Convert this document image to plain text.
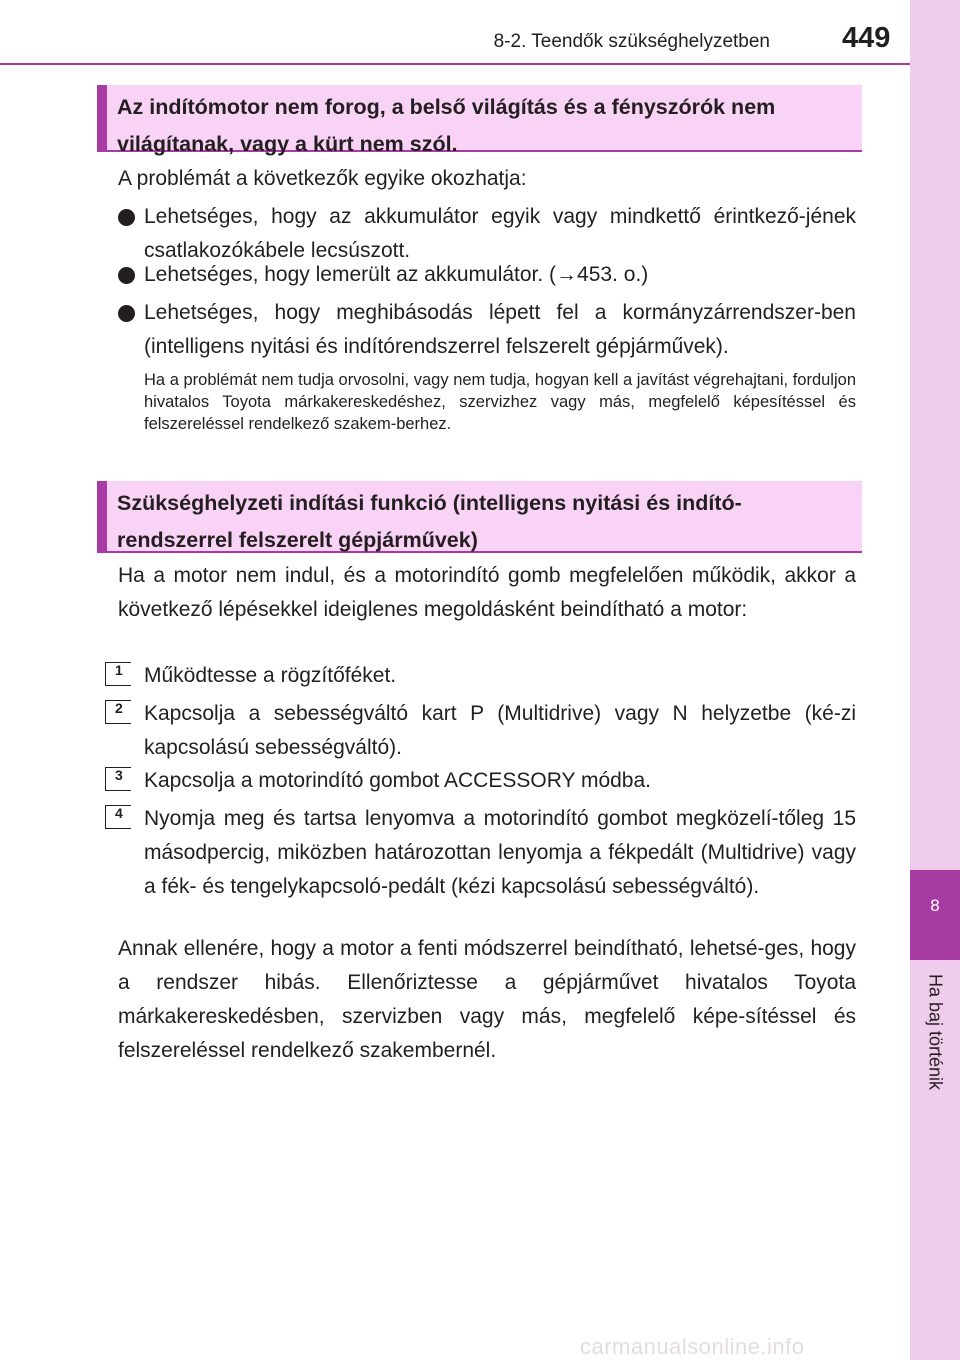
8-2. Teendők szükséghelyzetben 449
8
Ha baj történik
Az indítómotor nem forog, a belső világítás és a fényszórók nem világítanak, vagy a kürt nem szól.
A problémát a következők egyike okozhatja:
Lehetséges, hogy az akkumulátor egyik vagy mindkettő érintkező-jének csatlakozókábele lecsúszott.
Lehetséges, hogy lemerült az akkumulátor. (→453. o.)
Lehetséges, hogy meghibásodás lépett fel a kormányzárrendszer-ben (intelligens nyitási és indítórendszerrel felszerelt gépjárművek).
Ha a problémát nem tudja orvosolni, vagy nem tudja, hogyan kell a javítást végrehajtani, forduljon hivatalos Toyota márkakereskedéshez, szervizhez vagy más, megfelelő képesítéssel és felszereléssel rendelkező szakem-berhez.
Szükséghelyzeti indítási funkció (intelligens nyitási és indító-rendszerrel felszerelt gépjárművek)
Ha a motor nem indul, és a motorindító gomb megfelelően működik, akkor a következő lépésekkel ideiglenes megoldásként beindítható a motor:
1	Működtesse a rögzítőféket.
2	Kapcsolja a sebességváltó kart P (Multidrive) vagy N helyzetbe (ké-zi kapcsolású sebességváltó).
3	Kapcsolja a motorindító gombot ACCESSORY módba.
4	Nyomja meg és tartsa lenyomva a motorindító gombot megközelí-tőleg 15 másodpercig, miközben határozottan lenyomja a fékpedált (Multidrive) vagy a fék- és tengelykapcsoló-pedált (kézi kapcsolású sebességváltó).
Annak ellenére, hogy a motor a fenti módszerrel beindítható, lehetsé-ges, hogy a rendszer hibás. Ellenőriztesse a gépjárművet hivatalos Toyota márkakereskedésben, szervizben vagy más, megfelelő képe-sítéssel és felszereléssel rendelkező szakembernél.
carmanualsonline.info
